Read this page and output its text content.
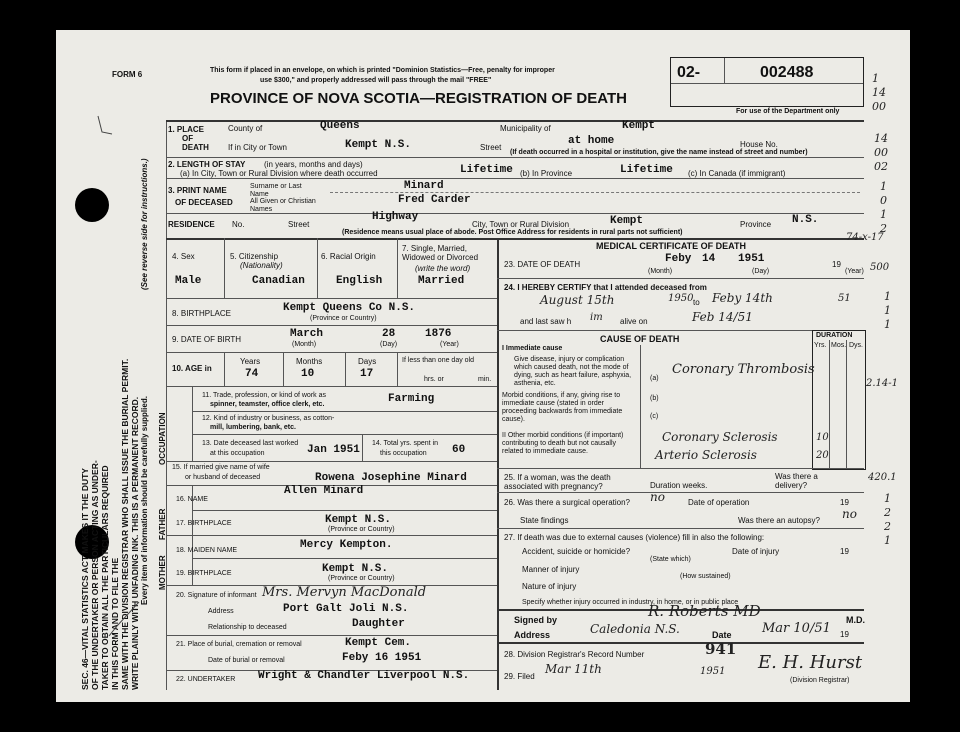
SEC. 46—VITAL STATISTICS ACT MAKES IT THE DUTY OF THE UNDERTAKER OR PERSON ACTING AS UNDER- TAKER TO OBTAIN ALL THE PARTICULARS REQUIRED IN THIS FORM AND TO FILE THE SAME WITH THE DIVISION REGISTRAR WHO SHALL ISSUE THE BURIAL PERMIT. WRITE PLAINLY WITH UNFADING INK. THIS IS A PERMANENT RECORD. Every item of information should be carefully supplied.
(See reverse side for instructions.)
OCCUPATION
FATHER
MOTHER
FORM 6	This form if placed in an envelope, on which is printed "Dominion Statistics—Free, penalty for improper
use $300," and properly addressed will pass through the mail "FREE"
PROVINCE OF NOVA SCOTIA—REGISTRATION OF DEATH
02-	002488
For use of the Department only
1. PLACE
OF
DEATH
County of	Queens	Municipality of	Kempt
If in City or Town	Kempt N.S.	Street
at home	House No.
(If death occurred in a hospital or institution, give the name instead of street and number)
2. LENGTH OF STAY (in years, months and days)
(a) In City, Town or Rural Division where death occurred	Lifetime (b) In Province	Lifetime (c) In Canada (if immigrant)
3. PRINT NAME
OF DECEASED
Surname or Last Name
Minard
All Given or Christian Names
Fred Carder
RESIDENCE No.	Street
Highway
City, Town or Rural Division	Kempt	Province N.S.
(Residence means usual place of abode. Post Office Address for residents in rural parts not sufficient)
4. Sex
Male
5. Citizenship
(Nationality)
Canadian
6. Racial Origin
English
7. Single, Married, Widowed or Divorced
(write the word)
Married
8. BIRTHPLACE	Kempt Queens Co N.S.
(Province or Country)
9. DATE OF BIRTH	March	28	1876
(Month)	(Day)	(Year)
10. AGE in
Years
74
Months
10
Days
17
If less than one day old
hrs. or	min.
11. Trade, profession, or kind of work as
spinner, teamster, office clerk, etc.	Farming
12. Kind of industry or business, as cotton-
mill, lumbering, bank, etc.
13. Date deceased last worked
at this occupation	Jan 1951
14. Total yrs. spent in
this occupation 60
15. If married give name of wife
or husband of deceased	Rowena Josephine Minard
16. NAME
Allen Minard
17. BIRTHPLACE	Kempt N.S.
(Province or Country)
18. MAIDEN NAME	Mercy Kempton.
19. BIRTHPLACE	Kempt N.S.
(Province or Country)
20. Signature of informant Mrs. Mervyn MacDonald
Address	Port Galt Joli N.S.
Relationship to deceased	Daughter
21. Place of burial, cremation or removal	Kempt Cem.
Date of burial or removal	Feby 16 1951
22. UNDERTAKER Wright & Chandler Liverpool N.S.
MEDICAL CERTIFICATE OF DEATH
23. DATE OF DEATH	Feby 14 1951	19
(Month)	(Day)	(Year)
24. I HEREBY CERTIFY that I attended deceased from
August 15th	1950 to Feby 14th	51
and last saw h im alive on	Feb 14/51
CAUSE OF DEATH	DURATION
Yrs. Mos. Dys.
I Immediate cause
Give disease, injury or complication which caused death, not the mode of dying, such as heart failure, asphyxia, asthenia, etc.
(a)
Coronary Thrombosis
Morbid conditions, if any, giving rise to immediate cause (stated in order proceeding backwards from immediate cause).
(b)
(c)
II Other morbid conditions (if important) contributing to death but not causally related to immediate cause.
Coronary Sclerosis	10
Arterio Sclerosis	20
25. If a woman, was the death associated with pregnancy?	Duration weeks.
Was there a delivery?
26. Was there a surgical operation? no	Date of operation	19
State findings	Was there an autopsy? no
27. If death was due to external causes (violence) fill in also the following:
Accident, suicide or homicide?
(State which)
Date of injury	19
Manner of injury
(How sustained)
Nature of injury
Specify whether injury occurred in industry, in home, or in public place
Signed by	R. Roberts MD	M.D.
Address	Caledonia N.S.	Date Mar 10/51 19
28. Division Registrar's Record Number	941
29. Filed
Mar 11th	1951 E. H. Hurst
(Division Registrar)
1
14
00
14
00
02
1
0
1
2
74-x-17
500
1
1
1
2.14-1
420.1
1
2
2
1
